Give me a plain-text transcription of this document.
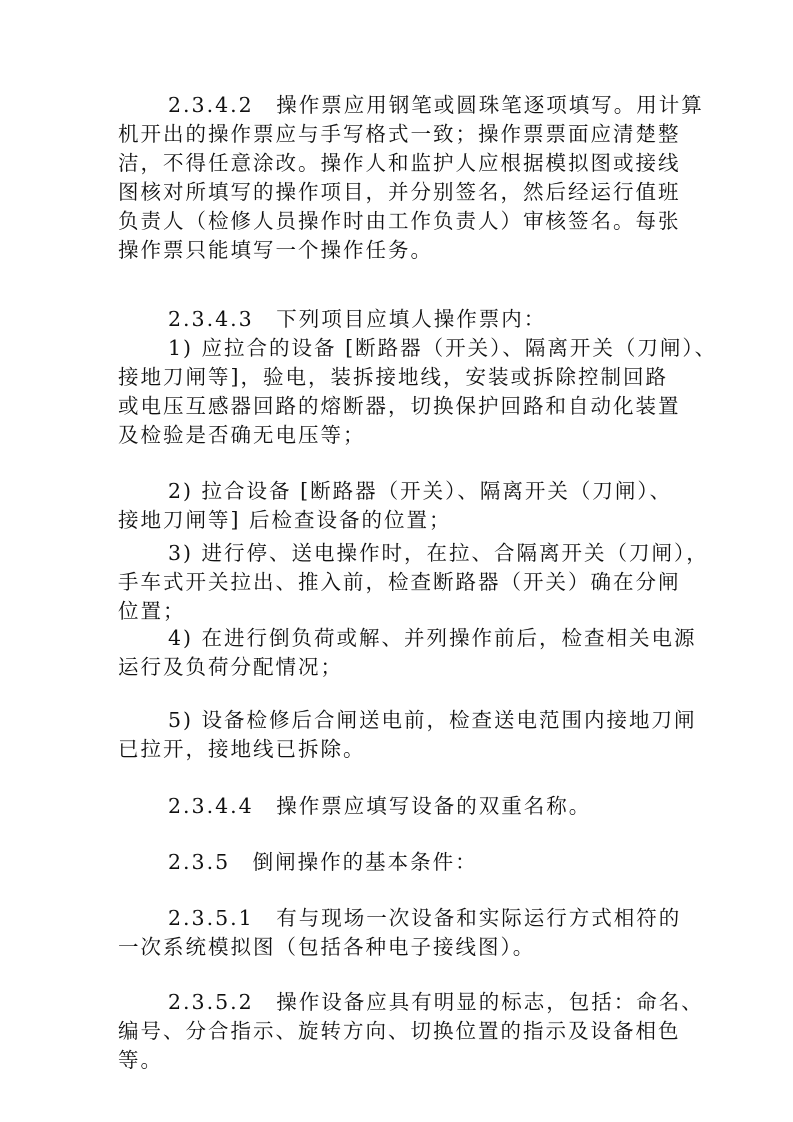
2.3.4.2　操作票应用钢笔或圆珠笔逐项填写。用计算
机开出的操作票应与手写格式一致；操作票票面应清楚整
洁，不得任意涂改。操作人和监护人应根据模拟图或接线
图核对所填写的操作项目，并分别签名，然后经运行值班
负责人（检修人员操作时由工作负责人）审核签名。每张
操作票只能填写一个操作任务。
2.3.4.3　下列项目应填人操作票内：
1) 应拉合的设备 [断路器（开关）、隔离开关（刀闸）、
接地刀闸等]，验电，装拆接地线，安装或拆除控制回路
或电压互感器回路的熔断器，切换保护回路和自动化装置
及检验是否确无电压等；
2) 拉合设备 [断路器（开关）、隔离开关（刀闸）、
接地刀闸等] 后检查设备的位置；
3) 进行停、送电操作时，在拉、合隔离开关（刀闸），
手车式开关拉出、推入前，检查断路器（开关）确在分闸
位置；
4) 在进行倒负荷或解、并列操作前后，检查相关电源
运行及负荷分配情况；
5) 设备检修后合闸送电前，检查送电范围内接地刀闸
已拉开，接地线已拆除。
2.3.4.4　操作票应填写设备的双重名称。
2.3.5　倒闸操作的基本条件：
2.3.5.1　有与现场一次设备和实际运行方式相符的
一次系统模拟图（包括各种电子接线图）。
2.3.5.2　操作设备应具有明显的标志，包括：命名、
编号、分合指示、旋转方向、切换位置的指示及设备相色
等。
